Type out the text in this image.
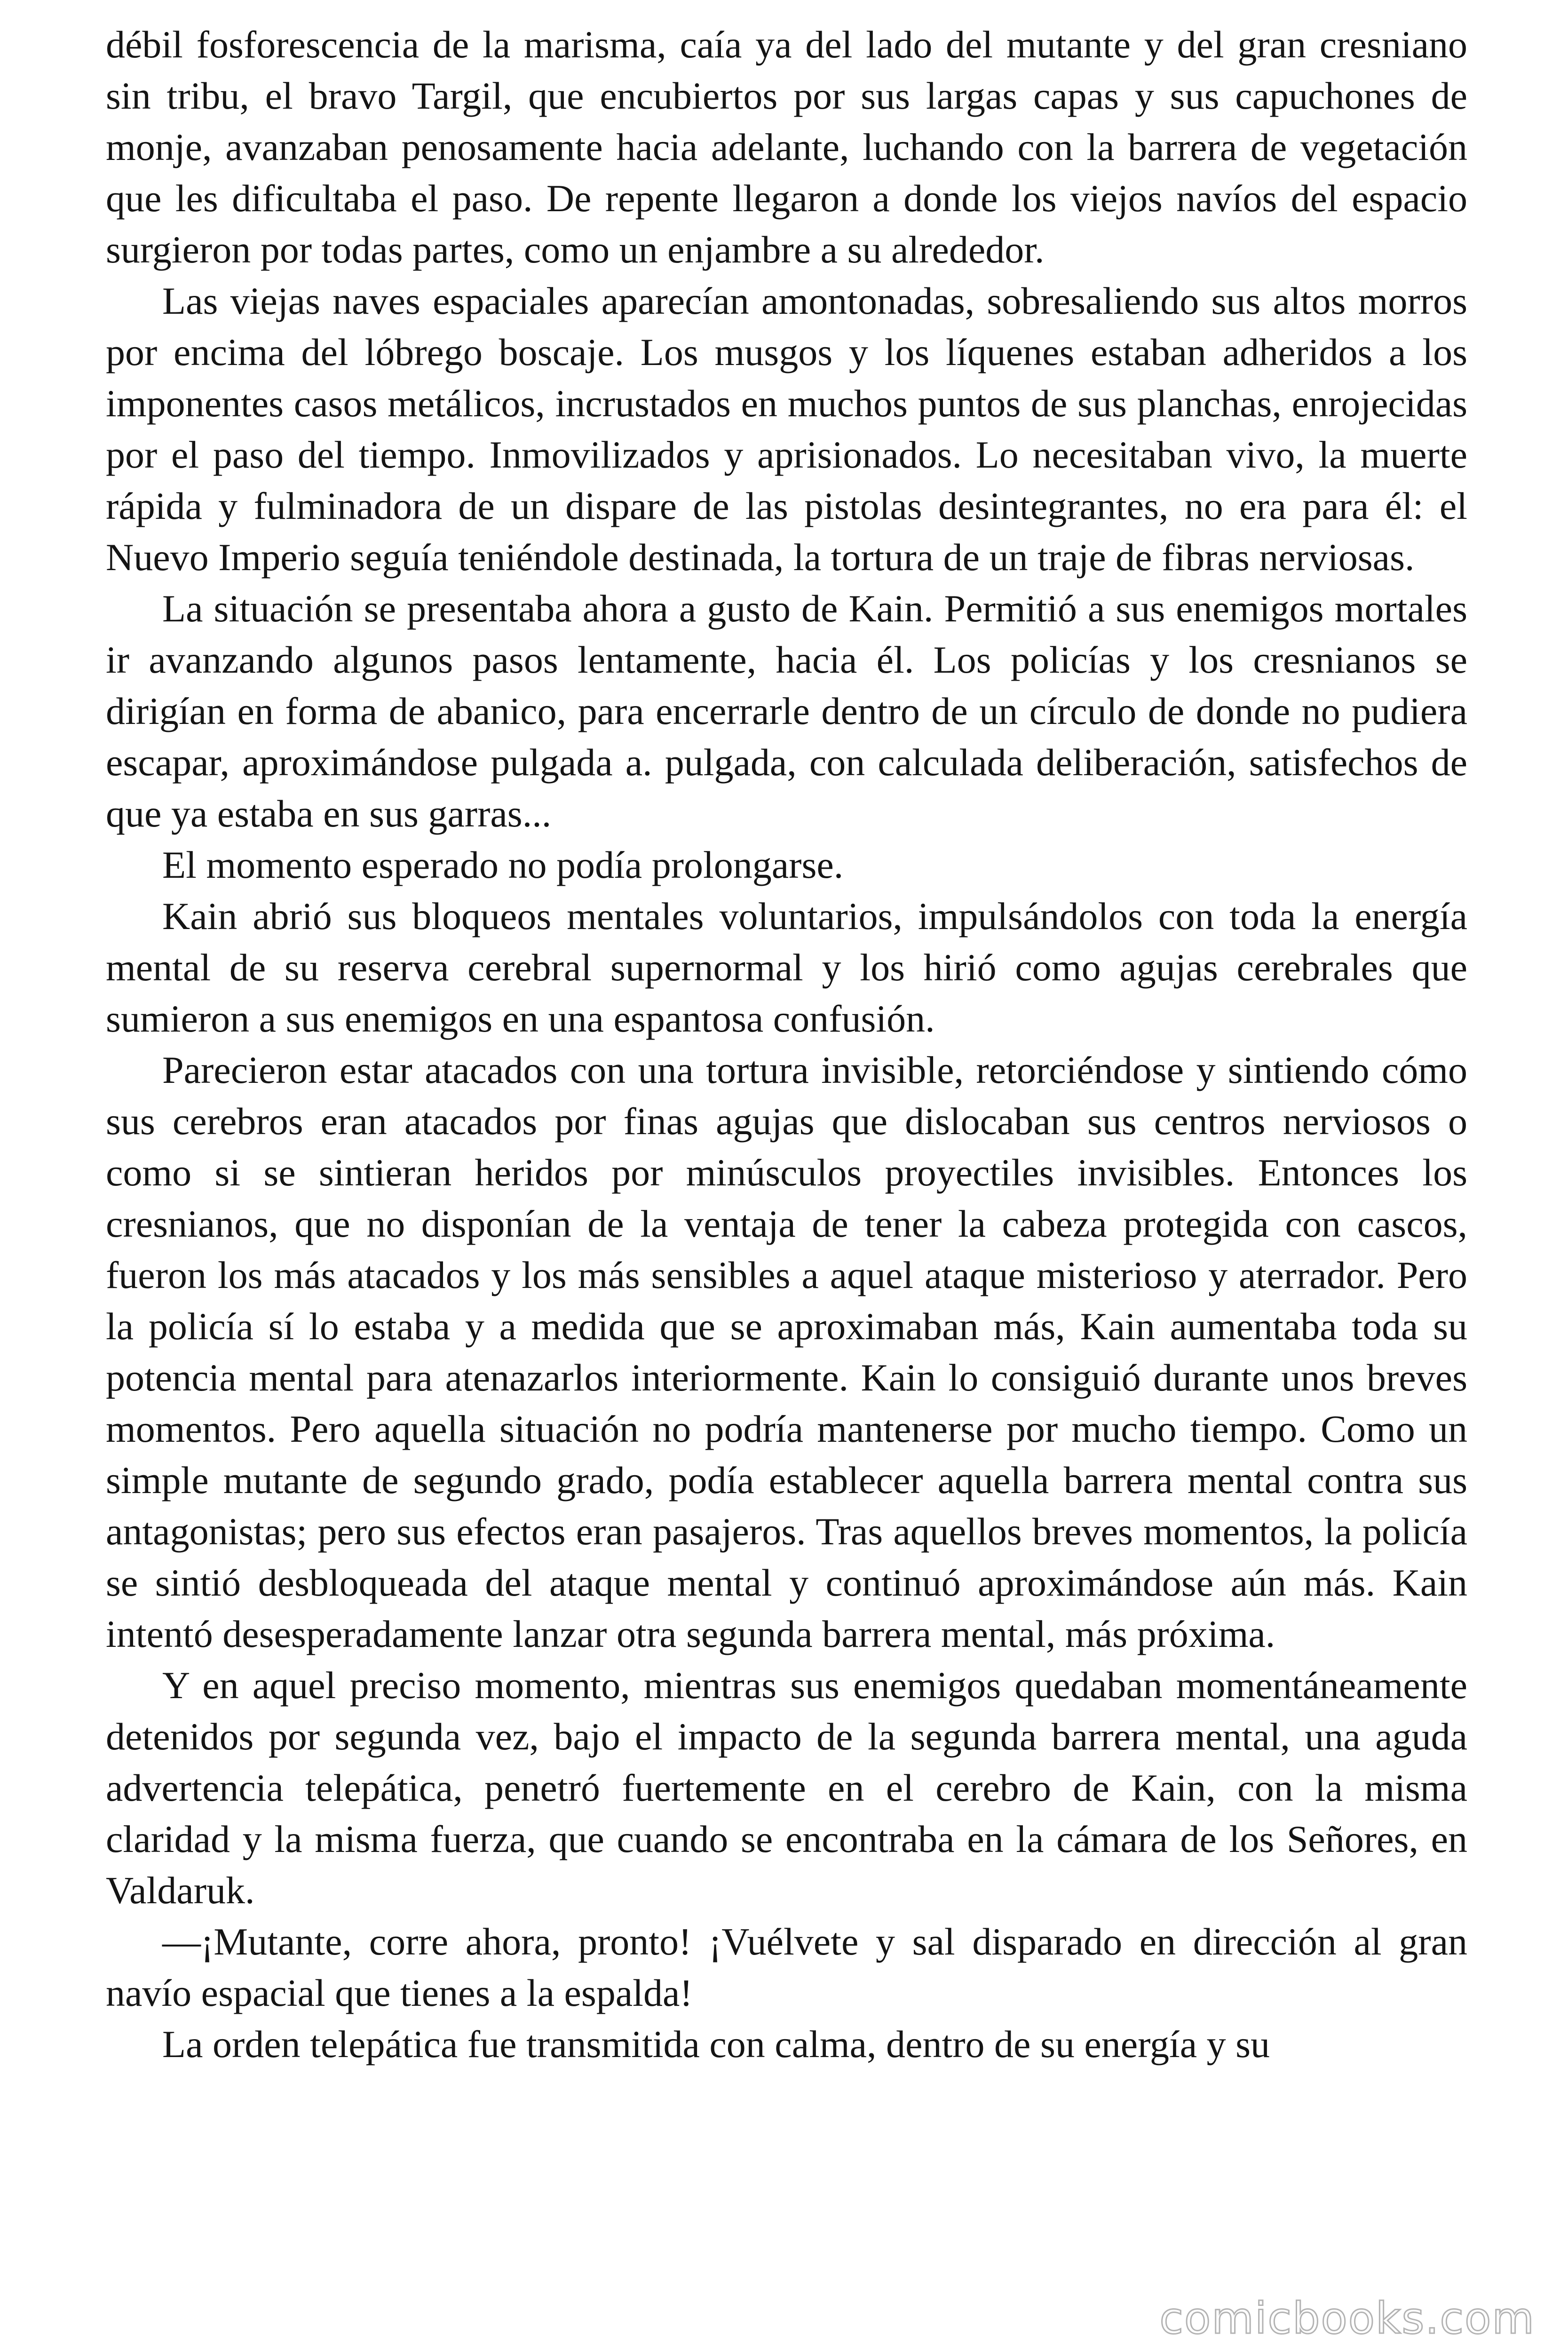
débil fosforescencia de la marisma, caía ya del lado del mutante y del gran cresniano sin tribu, el bravo Targil, que encubiertos por sus largas capas y sus capuchones de monje, avanzaban penosamente hacia adelante, luchando con la barrera de vegetación que les dificultaba el paso. De repente llegaron a donde los viejos navíos del espacio surgieron por todas partes, como un enjambre a su alrededor.

Las viejas naves espaciales aparecían amontonadas, sobresaliendo sus altos morros por encima del lóbrego boscaje. Los musgos y los líquenes estaban adheridos a los imponentes casos metálicos, incrustados en muchos puntos de sus planchas, enrojecidas por el paso del tiempo. Inmovilizados y aprisionados. Lo necesitaban vivo, la muerte rápida y fulminadora de un dispare de las pistolas desintegrantes, no era para él: el Nuevo Imperio seguía teniéndole destinada, la tortura de un traje de fibras nerviosas.

La situación se presentaba ahora a gusto de Kain. Permitió a sus enemigos mortales ir avanzando algunos pasos lentamente, hacia él. Los policías y los cresnianos se dirigían en forma de abanico, para encerrarle dentro de un círculo de donde no pudiera escapar, aproximándose pulgada a. pulgada, con calculada deliberación, satisfechos de que ya estaba en sus garras...

El momento esperado no podía prolongarse.

Kain abrió sus bloqueos mentales voluntarios, impulsándolos con toda la energía mental de su reserva cerebral supernormal y los hirió como agujas cerebrales que sumieron a sus enemigos en una espantosa confusión.

Parecieron estar atacados con una tortura invisible, retorciéndose y sintiendo cómo sus cerebros eran atacados por finas agujas que dislocaban sus centros nerviosos o como si se sintieran heridos por minúsculos proyectiles invisibles. Entonces los cresnianos, que no disponían de la ventaja de tener la cabeza protegida con cascos, fueron los más atacados y los más sensibles a aquel ataque misterioso y aterrador. Pero la policía sí lo estaba y a medida que se aproximaban más, Kain aumentaba toda su potencia mental para atenazarlos interiormente. Kain lo consiguió durante unos breves momentos. Pero aquella situación no podría mantenerse por mucho tiempo. Como un simple mutante de segundo grado, podía establecer aquella barrera mental contra sus antagonistas; pero sus efectos eran pasajeros. Tras aquellos breves momentos, la policía se sintió desbloqueada del ataque mental y continuó aproximándose aún más. Kain intentó desesperadamente lanzar otra segunda barrera mental, más próxima.

Y en aquel preciso momento, mientras sus enemigos quedaban momentáneamente detenidos por segunda vez, bajo el impacto de la segunda barrera mental, una aguda advertencia telepática, penetró fuertemente en el cerebro de Kain, con la misma claridad y la misma fuerza, que cuando se encontraba en la cámara de los Señores, en Valdaruk.

—¡Mutante, corre ahora, pronto! ¡Vuélvete y sal disparado en dirección al gran navío espacial que tienes a la espalda!

La orden telepática fue transmitida con calma, dentro de su energía y su

comicbooks.com
